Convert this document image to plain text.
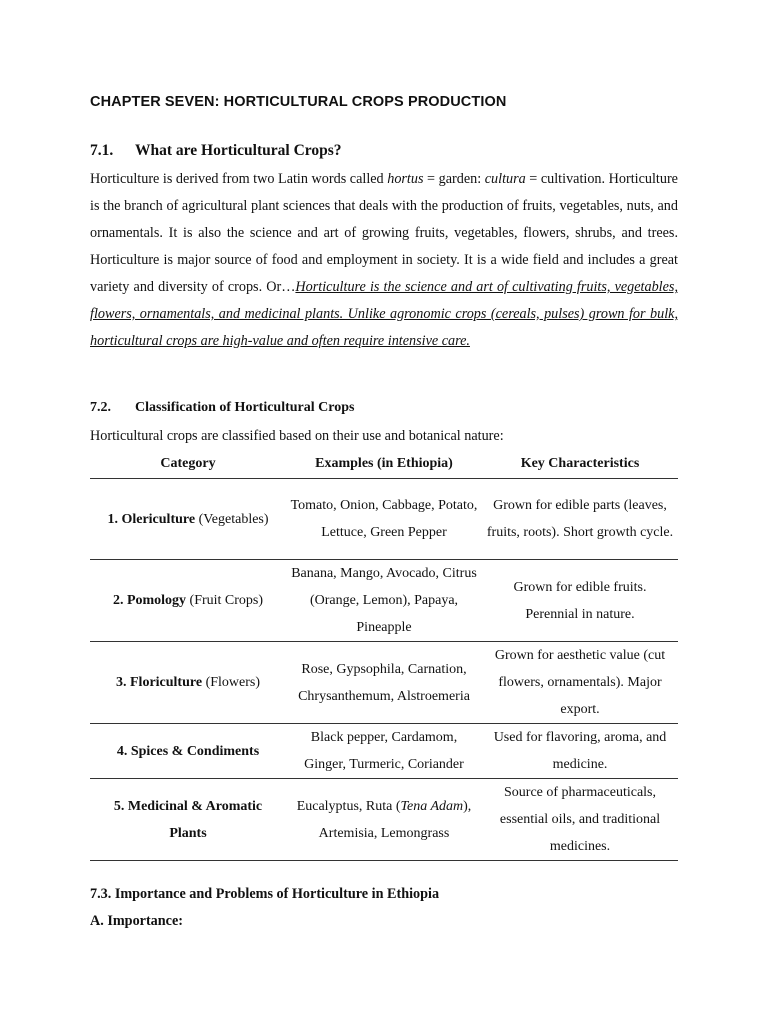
CHAPTER SEVEN: HORTICULTURAL CROPS PRODUCTION
7.1. What are Horticultural Crops?
Horticulture is derived from two Latin words called hortus = garden: cultura = cultivation. Horticulture is the branch of agricultural plant sciences that deals with the production of fruits, vegetables, nuts, and ornamentals. It is also the science and art of growing fruits, vegetables, flowers, shrubs, and trees. Horticulture is major source of food and employment in society. It is a wide field and includes a great variety and diversity of crops. Or…Horticulture is the science and art of cultivating fruits, vegetables, flowers, ornamentals, and medicinal plants. Unlike agronomic crops (cereals, pulses) grown for bulk, horticultural crops are high-value and often require intensive care.
7.2. Classification of Horticultural Crops
Horticultural crops are classified based on their use and botanical nature:
Category	Examples (in Ethiopia)	Key Characteristics
1. Olericulture (Vegetables)	Tomato, Onion, Cabbage, Potato, Lettuce, Green Pepper	Grown for edible parts (leaves, fruits, roots). Short growth cycle.
2. Pomology (Fruit Crops)	Banana, Mango, Avocado, Citrus (Orange, Lemon), Papaya, Pineapple	Grown for edible fruits. Perennial in nature.
3. Floriculture (Flowers)	Rose, Gypsophila, Carnation, Chrysanthemum, Alstroemeria	Grown for aesthetic value (cut flowers, ornamentals). Major export.
4. Spices & Condiments	Black pepper, Cardamom, Ginger, Turmeric, Coriander	Used for flavoring, aroma, and medicine.
5. Medicinal & Aromatic Plants	Eucalyptus, Ruta (Tena Adam), Artemisia, Lemongrass	Source of pharmaceuticals, essential oils, and traditional medicines.
7.3. Importance and Problems of Horticulture in Ethiopia
A. Importance:
